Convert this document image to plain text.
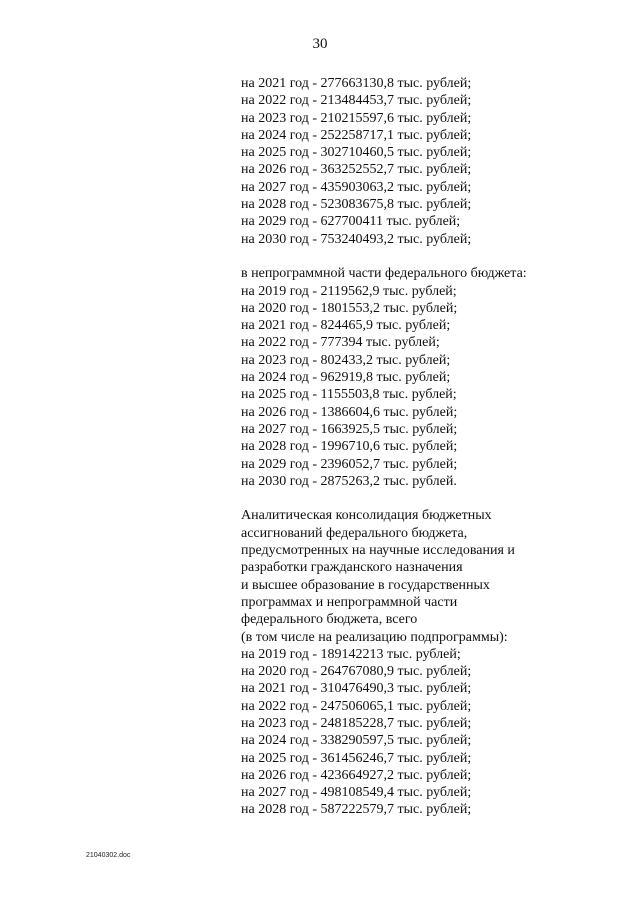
30
на 2021 год - 277663130,8 тыс. рублей;
на 2022 год - 213484453,7 тыс. рублей;
на 2023 год - 210215597,6 тыс. рублей;
на 2024 год - 252258717,1 тыс. рублей;
на 2025 год - 302710460,5 тыс. рублей;
на 2026 год - 363252552,7 тыс. рублей;
на 2027 год - 435903063,2 тыс. рублей;
на 2028 год - 523083675,8 тыс. рублей;
на 2029 год - 627700411 тыс. рублей;
на 2030 год - 753240493,2 тыс. рублей;
в непрограммной части федерального бюджета:
на 2019 год - 2119562,9 тыс. рублей;
на 2020 год - 1801553,2 тыс. рублей;
на 2021 год - 824465,9 тыс. рублей;
на 2022 год - 777394 тыс. рублей;
на 2023 год - 802433,2 тыс. рублей;
на 2024 год - 962919,8 тыс. рублей;
на 2025 год - 1155503,8 тыс. рублей;
на 2026 год - 1386604,6 тыс. рублей;
на 2027 год - 1663925,5 тыс. рублей;
на 2028 год - 1996710,6 тыс. рублей;
на 2029 год - 2396052,7 тыс. рублей;
на 2030 год - 2875263,2 тыс. рублей.
Аналитическая консолидация бюджетных
ассигнований федерального бюджета,
предусмотренных на научные исследования и
разработки гражданского назначения
и высшее образование в государственных
программах и непрограммной части
федерального бюджета, всего
(в том числе на реализацию подпрограммы):
на 2019 год - 189142213 тыс. рублей;
на 2020 год - 264767080,9 тыс. рублей;
на 2021 год - 310476490,3 тыс. рублей;
на 2022 год - 247506065,1 тыс. рублей;
на 2023 год - 248185228,7 тыс. рублей;
на 2024 год - 338290597,5 тыс. рублей;
на 2025 год - 361456246,7 тыс. рублей;
на 2026 год - 423664927,2 тыс. рублей;
на 2027 год - 498108549,4 тыс. рублей;
на 2028 год - 587222579,7 тыс. рублей;
21040302.doc
